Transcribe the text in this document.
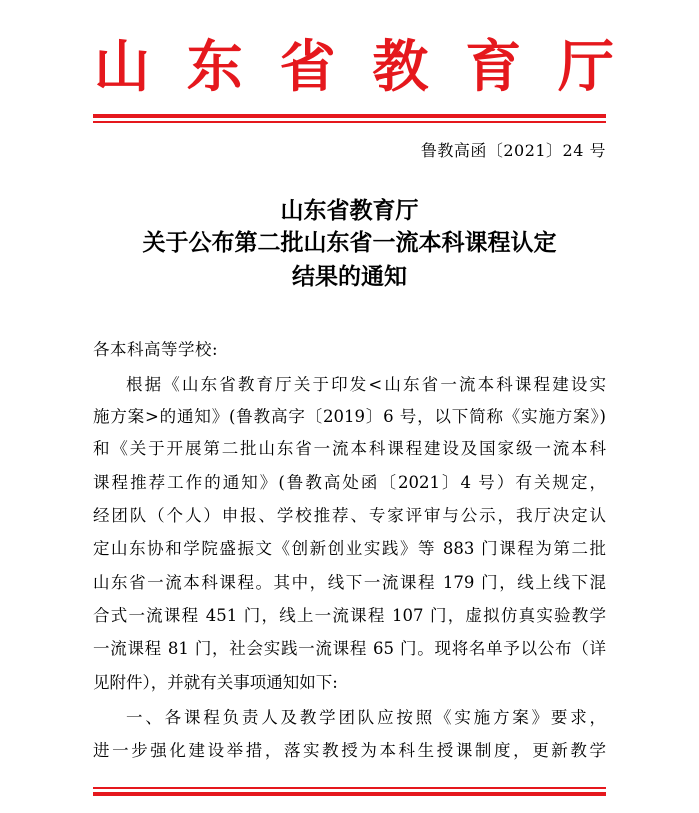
山 东 省 教 育 厅
鲁教高函〔2021〕24 号
山东省教育厅
关于公布第二批山东省一流本科课程认定
结果的通知
各本科高等学校:
根据《山东省教育厅关于印发<山东省一流本科课程建设实
施方案>的通知》(鲁教高字〔2019〕6 号，以下简称《实施方案》)
和《关于开展第二批山东省一流本科课程建设及国家级一流本科
课程推荐工作的通知》(鲁教高处函〔2021〕4 号）有关规定，
经团队（个人）申报、学校推荐、专家评审与公示，我厅决定认
定山东协和学院盛振文《创新创业实践》等 883 门课程为第二批
山东省一流本科课程。其中，线下一流课程 179 门，线上线下混
合式一流课程 451 门，线上一流课程 107 门，虚拟仿真实验教学
一流课程 81 门，社会实践一流课程 65 门。现将名单予以公布（详
见附件），并就有关事项通知如下:
一、各课程负责人及教学团队应按照《实施方案》要求，
进一步强化建设举措，落实教授为本科生授课制度，更新教学
